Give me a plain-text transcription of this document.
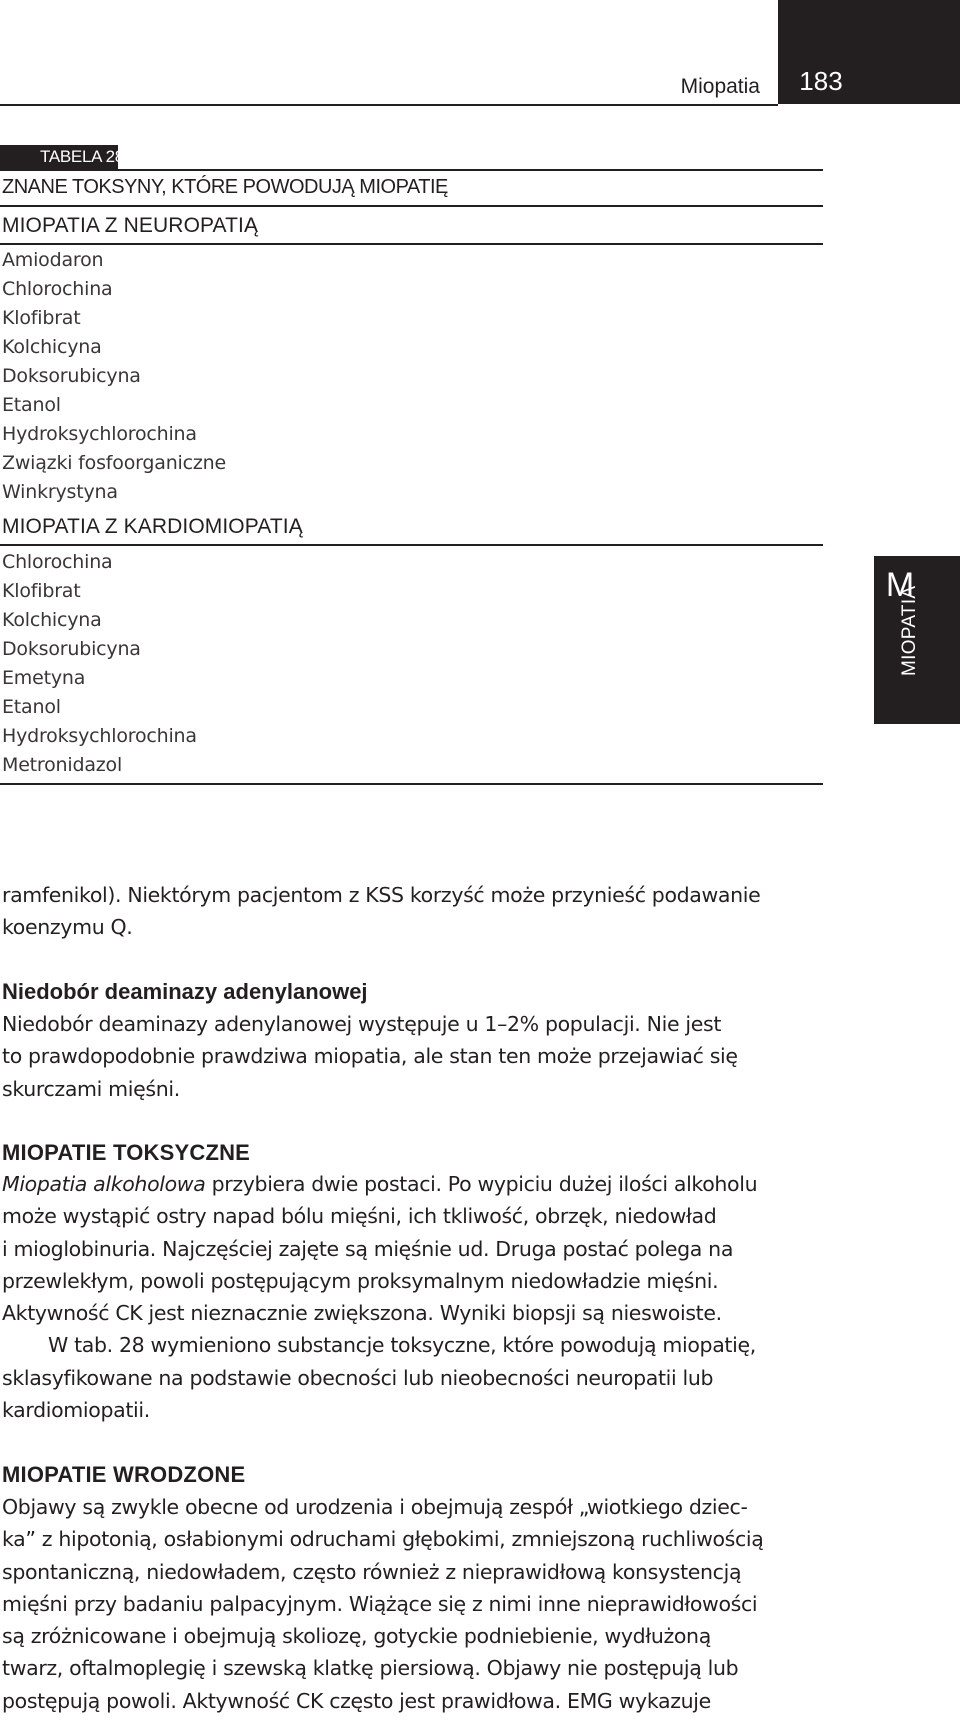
183
Miopatia
M
MIOPATIA
TABELA 28
ZNANE TOKSYNY, KTÓRE POWODUJĄ MIOPATIĘ
MIOPATIA Z NEUROPATIĄ
Amiodaron
Chlorochina
Klofibrat
Kolchicyna
Doksorubicyna
Etanol
Hydroksychlorochina
Związki fosfoorganiczne
Winkrystyna
MIOPATIA Z KARDIOMIOPATIĄ
Chlorochina
Klofibrat
Kolchicyna
Doksorubicyna
Emetyna
Etanol
Hydroksychlorochina
Metronidazol

ramfenikol). Niektórym pacjentom z KSS korzyść może przynieść podawanie

koenzymu Q.

Niedobór deaminazy adenylanowej

Niedobór deaminazy adenylanowej występuje u 1–2% populacji. Nie jest

to prawdopodobnie prawdziwa miopatia, ale stan ten może przejawiać się

skurczami mięśni.

MIOPATIE TOKSYCZNE

Miopatia alkoholowa przybiera dwie postaci. Po wypiciu dużej ilości alkoholu

może wystąpić ostry napad bólu mięśni, ich tkliwość, obrzęk, niedowład

i mioglobinuria. Najczęściej zajęte są mięśnie ud. Druga postać polega na

przewlekłym, powoli postępującym proksymalnym niedowładzie mięśni.

Aktywność CK jest nieznacznie zwiększona. Wyniki biopsji są nieswoiste.

W tab. 28 wymieniono substancje toksyczne, które powodują miopatię,

sklasyfikowane na podstawie obecności lub nieobecności neuropatii lub

kardiomiopatii.

MIOPATIE WRODZONE

Objawy są zwykle obecne od urodzenia i obejmują zespół „wiotkiego dziec-

ka” z hipotonią, osłabionymi odruchami głębokimi, zmniejszoną ruchliwością

spontaniczną, niedowładem, często również z nieprawidłową konsystencją

mięśni przy badaniu palpacyjnym. Wiążące się z nimi inne nieprawidłowości

są zróżnicowane i obejmują skoliozę, gotyckie podniebienie, wydłużoną

twarz, oftalmoplegię i szewską klatkę piersiową. Objawy nie postępują lub

postępują powoli. Aktywność CK często jest prawidłowa. EMG wykazuje
